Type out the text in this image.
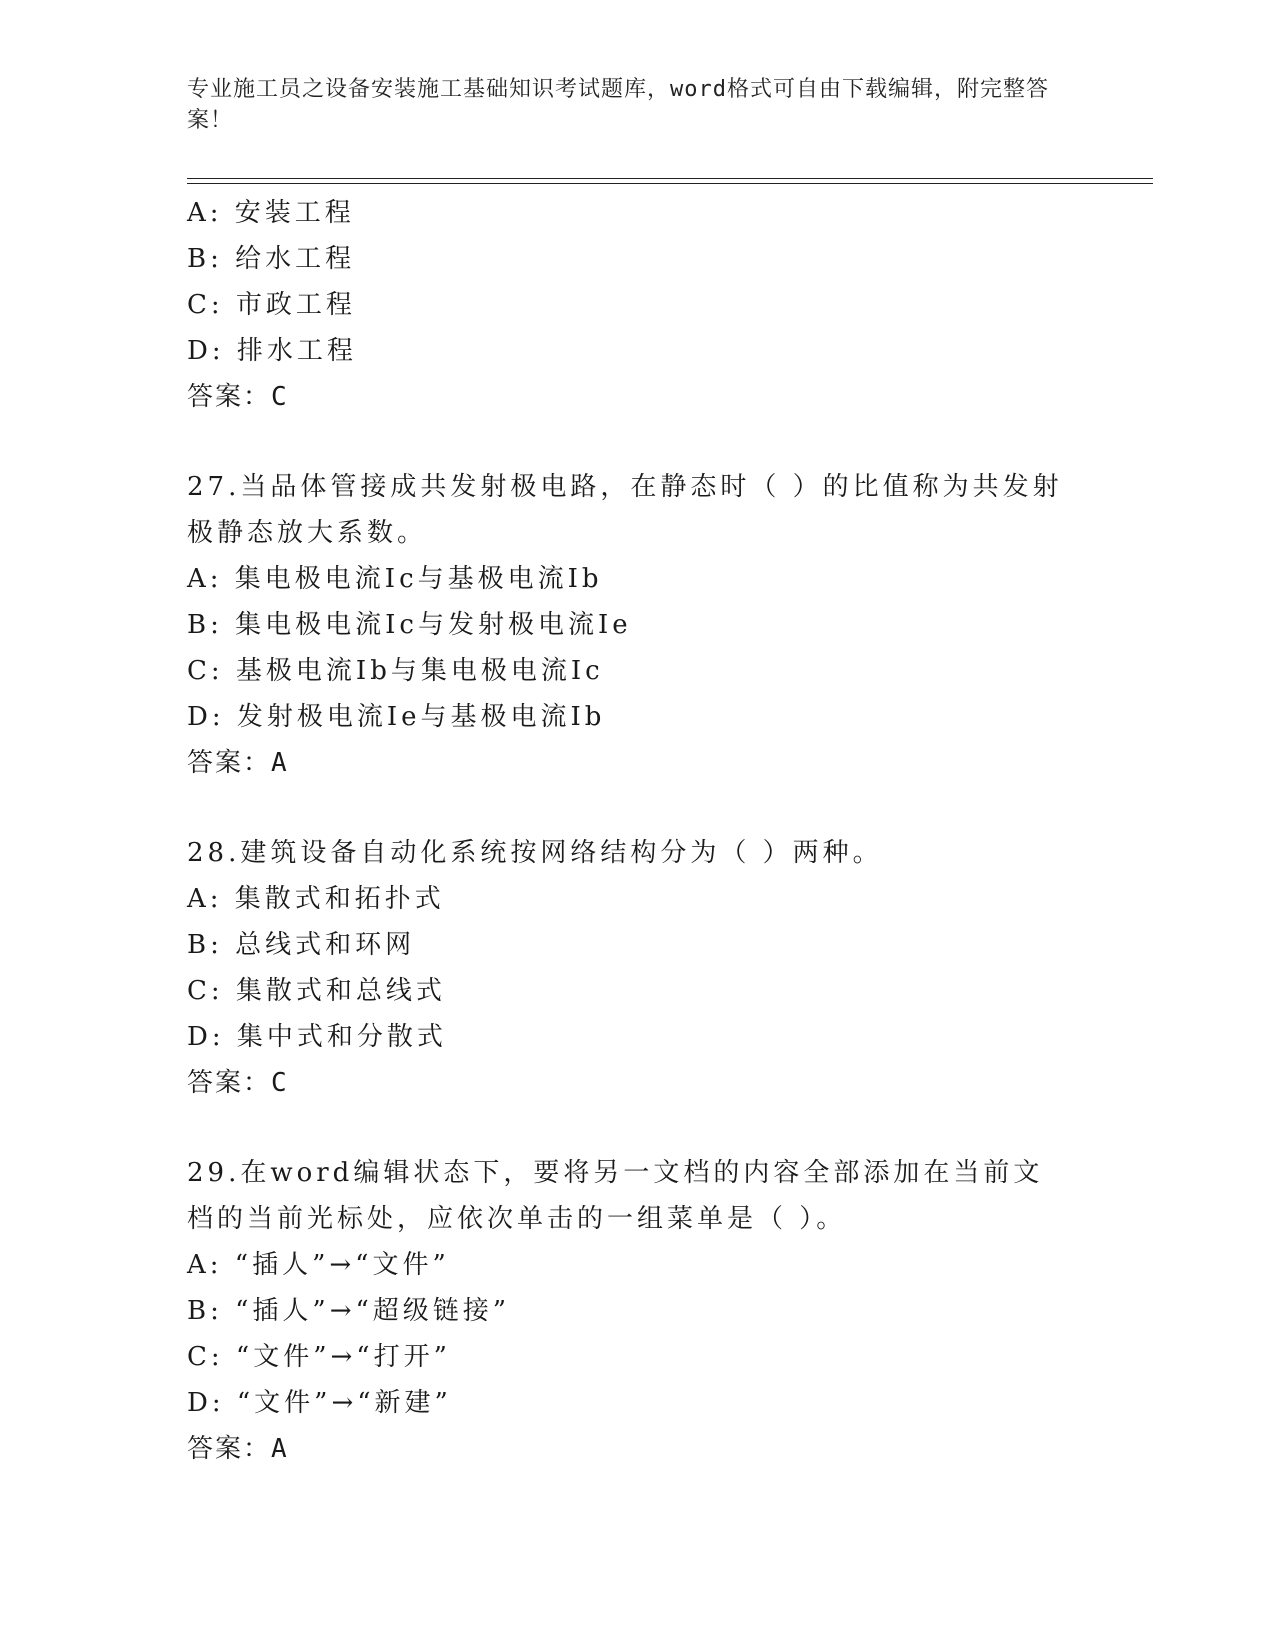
专业施工员之设备安装施工基础知识考试题库，word格式可自由下载编辑，附完整答案！
A: 安装工程
B: 给水工程
C: 市政工程
D: 排水工程
答案：C
27.当品体管接成共发射极电路，在静态时（ ）的比值称为共发射极静态放大系数。
A: 集电极电流Ic与基极电流Ib
B: 集电极电流Ic与发射极电流Ie
C: 基极电流Ib与集电极电流Ic
D: 发射极电流Ie与基极电流Ib
答案：A
28.建筑设备自动化系统按网络结构分为（ ）两种。
A: 集散式和拓扑式
B: 总线式和环网
C: 集散式和总线式
D: 集中式和分散式
答案：C
29.在word编辑状态下，要将另一文档的内容全部添加在当前文档的当前光标处，应依次单击的一组菜单是（ ）。
A: “插人”→“文件”
B: “插人”→“超级链接”
C: “文件”→“打开”
D: “文件”→“新建”
答案：A
